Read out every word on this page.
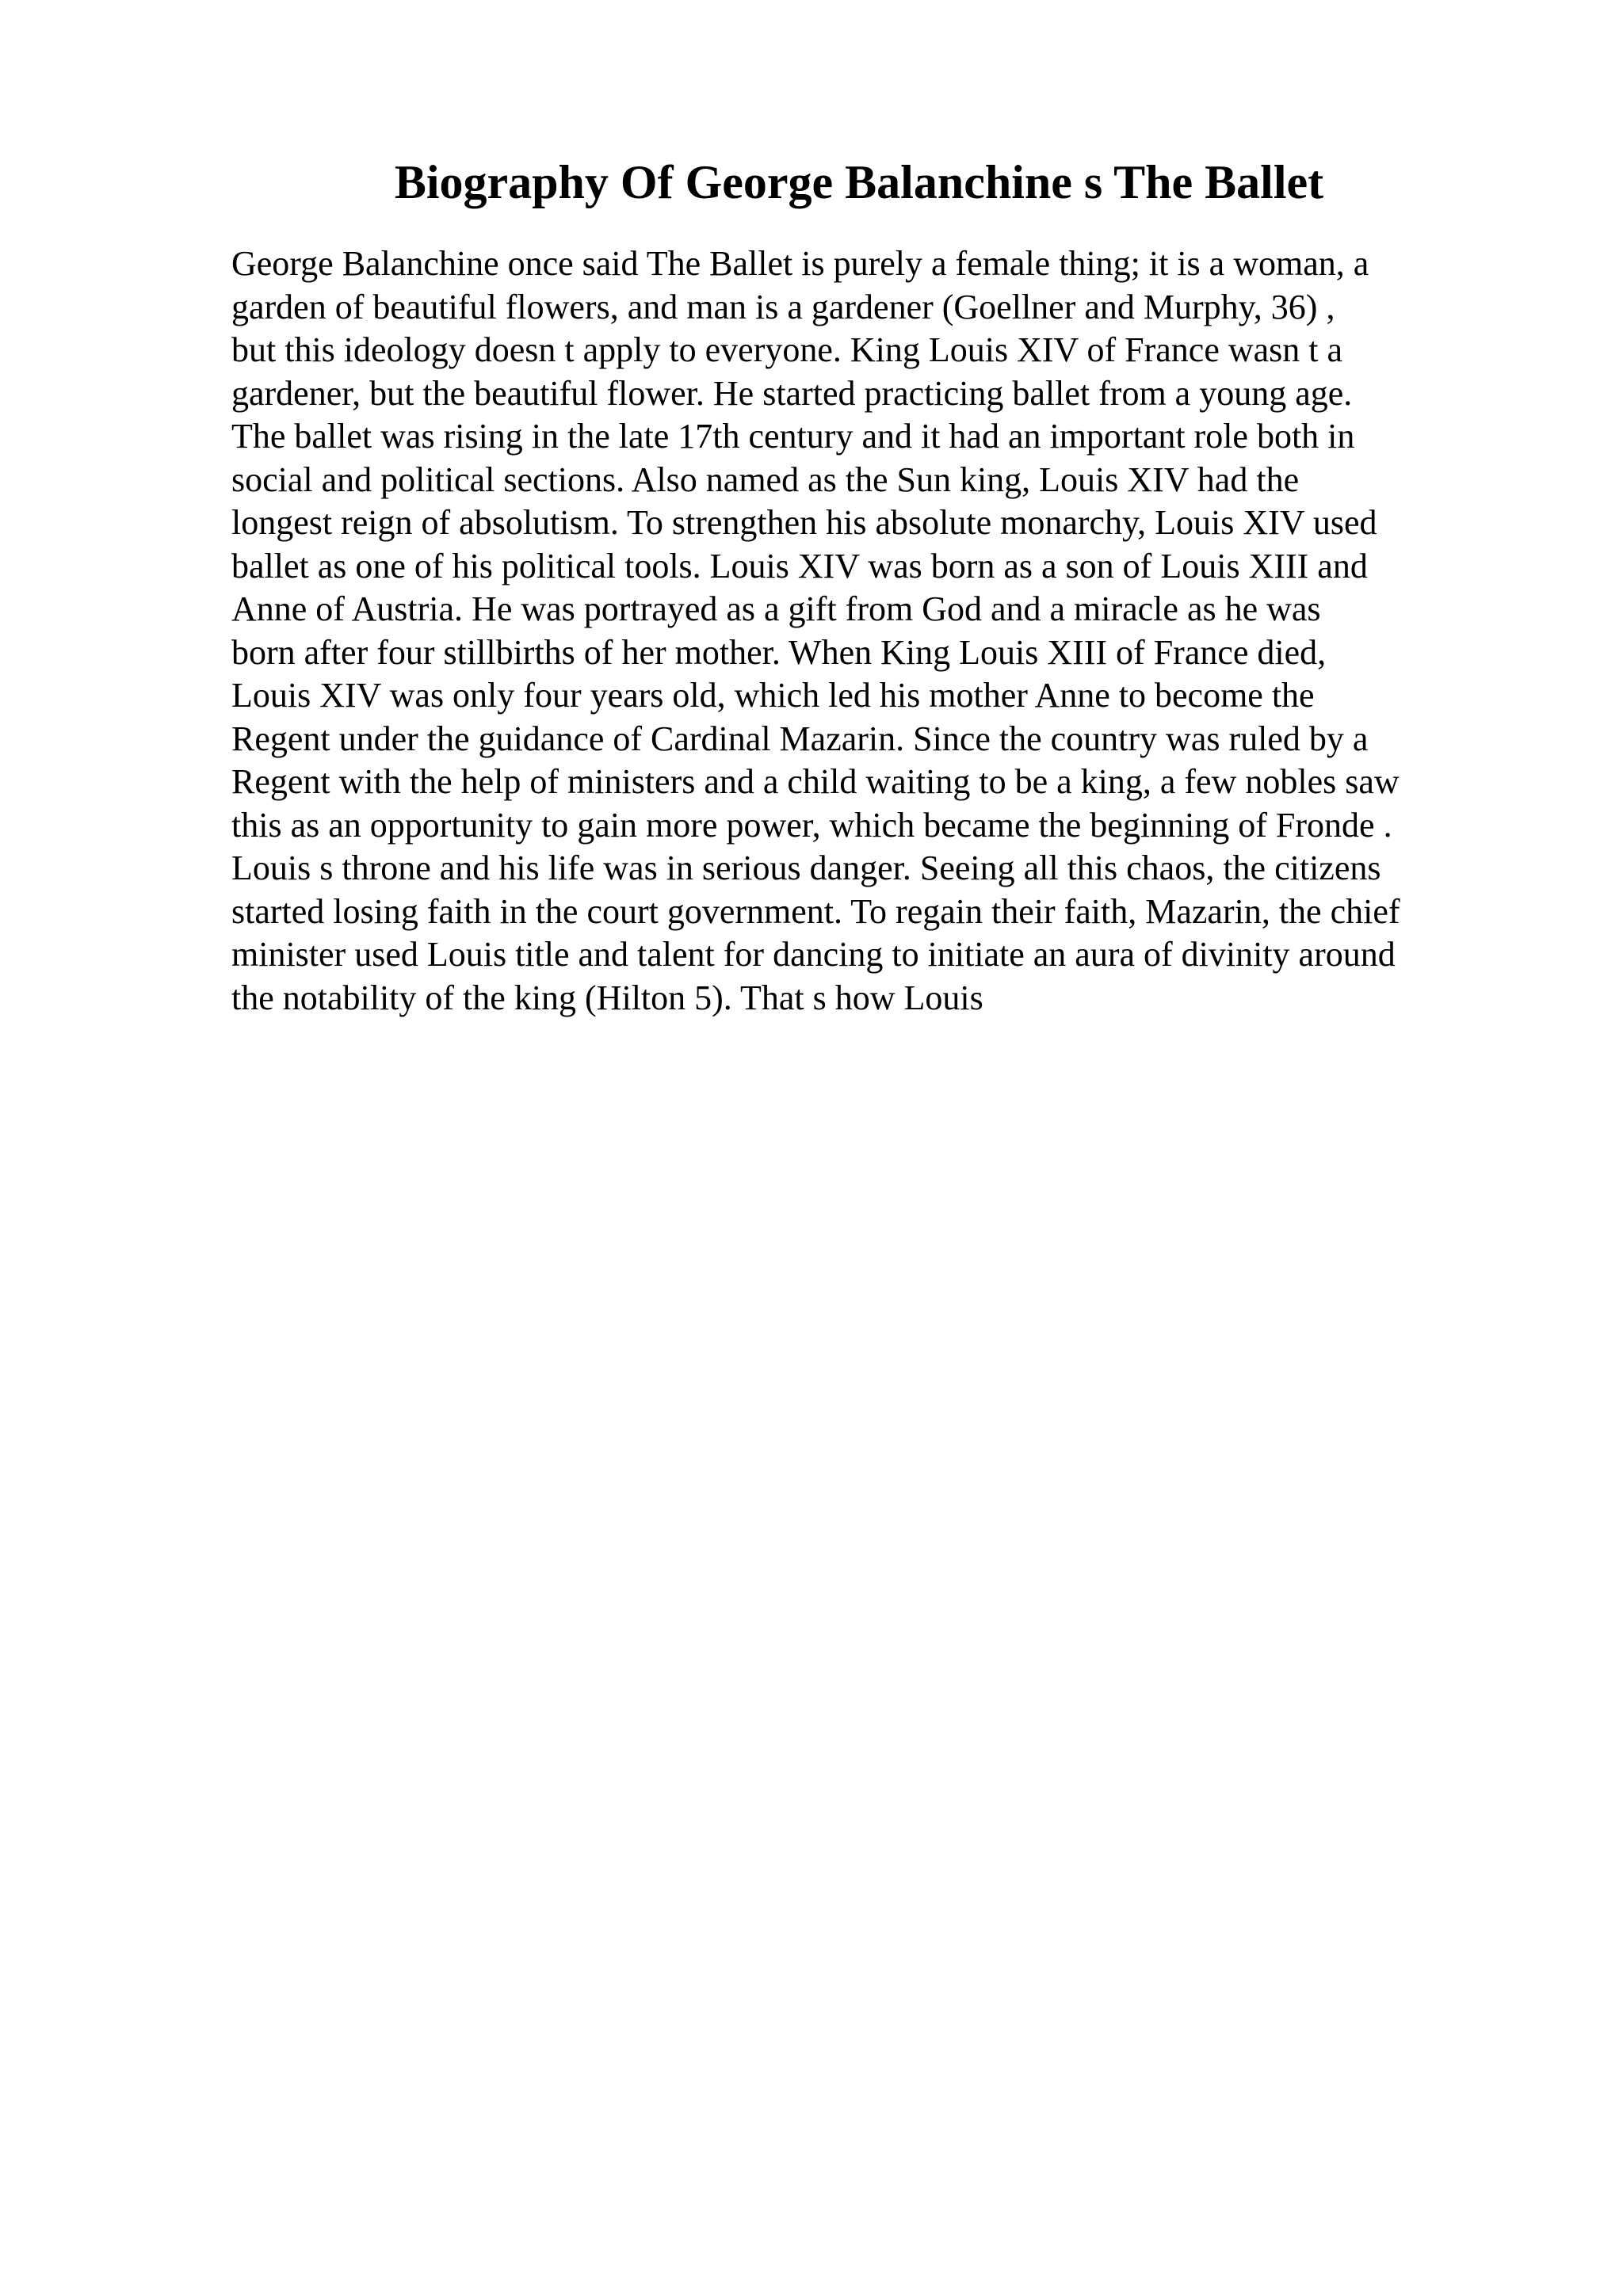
Biography Of George Balanchine s The Ballet
George Balanchine once said The Ballet is purely a female thing; it is a woman, a
garden of beautiful flowers, and man is a gardener (Goellner and Murphy, 36) ,
but this ideology doesn t apply to everyone. King Louis XIV of France wasn t a
gardener, but the beautiful flower. He started practicing ballet from a young age.
The ballet was rising in the late 17th century and it had an important role both in
social and political sections. Also named as the Sun king, Louis XIV had the
longest reign of absolutism. To strengthen his absolute monarchy, Louis XIV used
ballet as one of his political tools. Louis XIV was born as a son of Louis XIII and
Anne of Austria. He was portrayed as a gift from God and a miracle as he was
born after four stillbirths of her mother. When King Louis XIII of France died,
Louis XIV was only four years old, which led his mother Anne to become the
Regent under the guidance of Cardinal Mazarin. Since the country was ruled by a
Regent with the help of ministers and a child waiting to be a king, a few nobles saw
this as an opportunity to gain more power, which became the beginning of Fronde .
Louis s throne and his life was in serious danger. Seeing all this chaos, the citizens
started losing faith in the court government. To regain their faith, Mazarin, the chief
minister used Louis title and talent for dancing to initiate an aura of divinity around
the notability of the king (Hilton 5). That s how Louis
